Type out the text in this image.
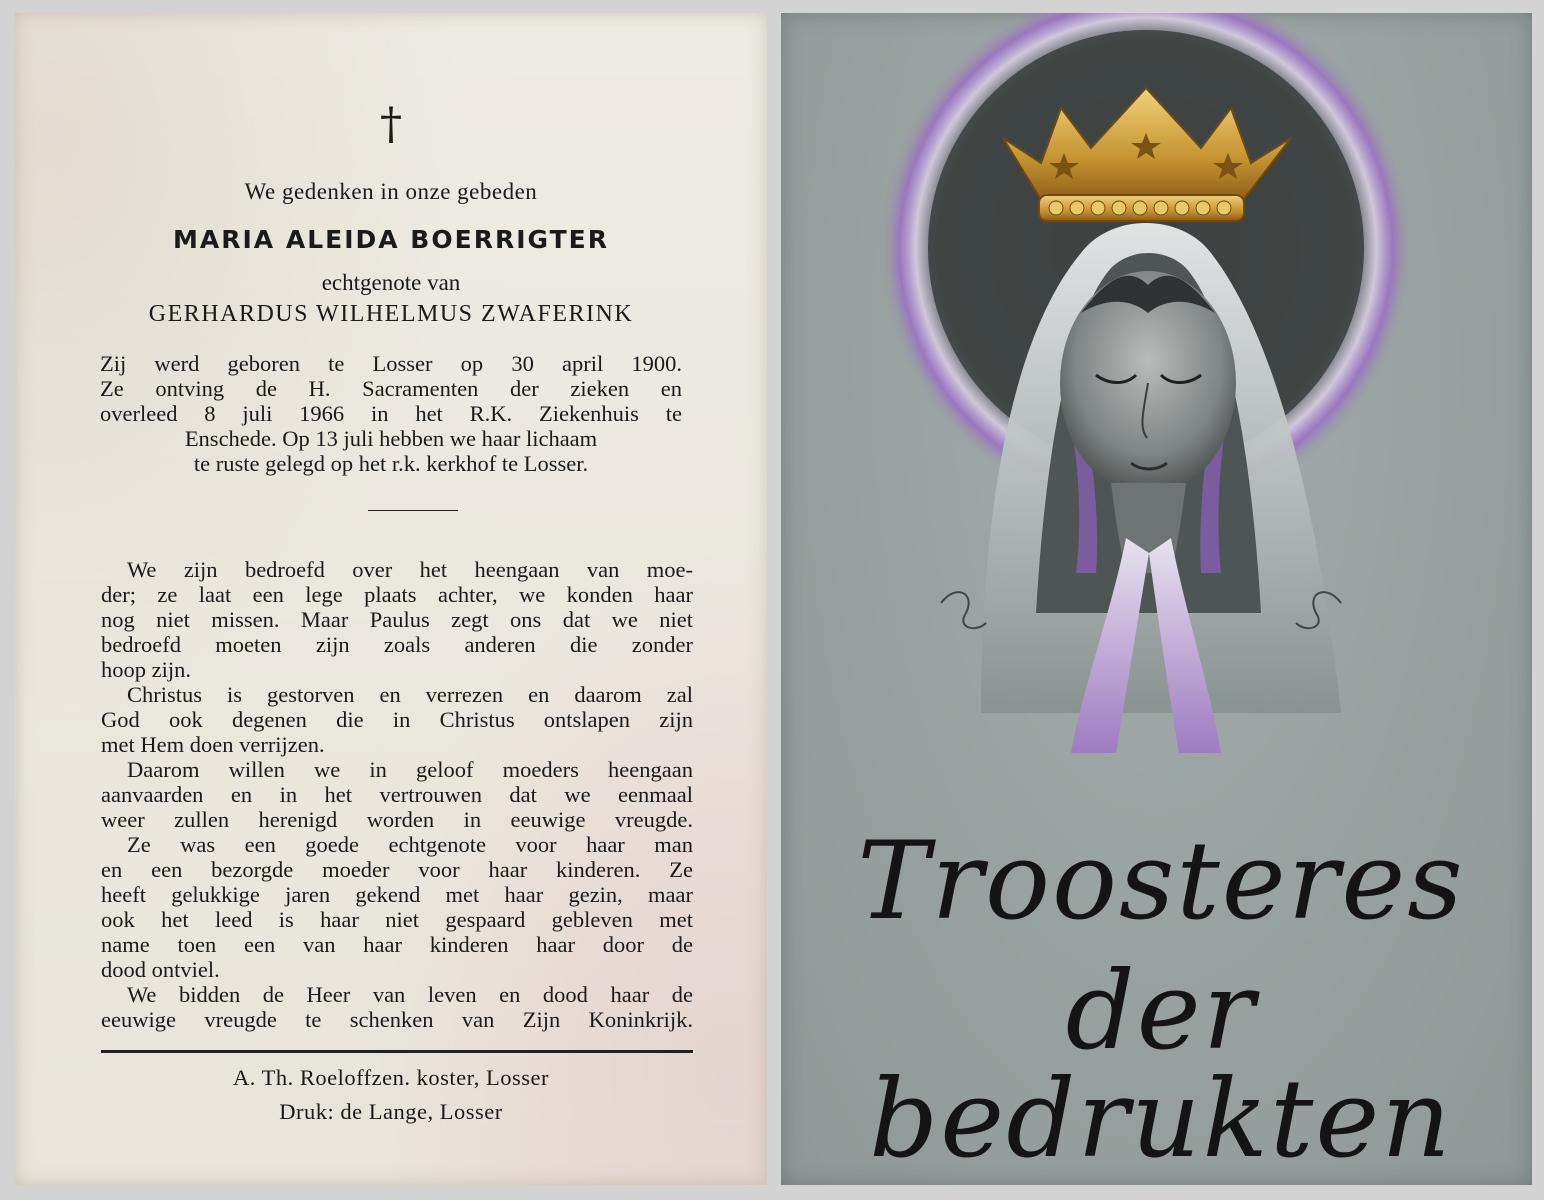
†
We gedenken in onze gebeden
MARIA ALEIDA BOERRIGTER
echtgenote van
GERHARDUS WILHELMUS ZWAFERINK
Zij werd geboren te Losser op 30 april 1900.
Ze ontving de H. Sacramenten der zieken en
overleed 8 juli 1966 in het R.K. Ziekenhuis te
Enschede. Op 13 juli hebben we haar lichaam
te ruste gelegd op het r.k. kerkhof te Losser.
We zijn bedroefd over het heengaan van moe-
der; ze laat een lege plaats achter, we konden haar
nog niet missen. Maar Paulus zegt ons dat we niet
bedroefd moeten zijn zoals anderen die zonder
hoop zijn.
Christus is gestorven en verrezen en daarom zal
God ook degenen die in Christus ontslapen zijn
met Hem doen verrijzen.
Daarom willen we in geloof moeders heengaan
aanvaarden en in het vertrouwen dat we eenmaal
weer zullen herenigd worden in eeuwige vreugde.
Ze was een goede echtgenote voor haar man
en een bezorgde moeder voor haar kinderen. Ze
heeft gelukkige jaren gekend met haar gezin, maar
ook het leed is haar niet gespaard gebleven met
name toen een van haar kinderen haar door de
dood ontviel.
We bidden de Heer van leven en dood haar de
eeuwige vreugde te schenken van Zijn Koninkrijk.
A. Th. Roeloffzen. koster, Losser
Druk: de Lange, Losser
Troosteres
der bedrukten
